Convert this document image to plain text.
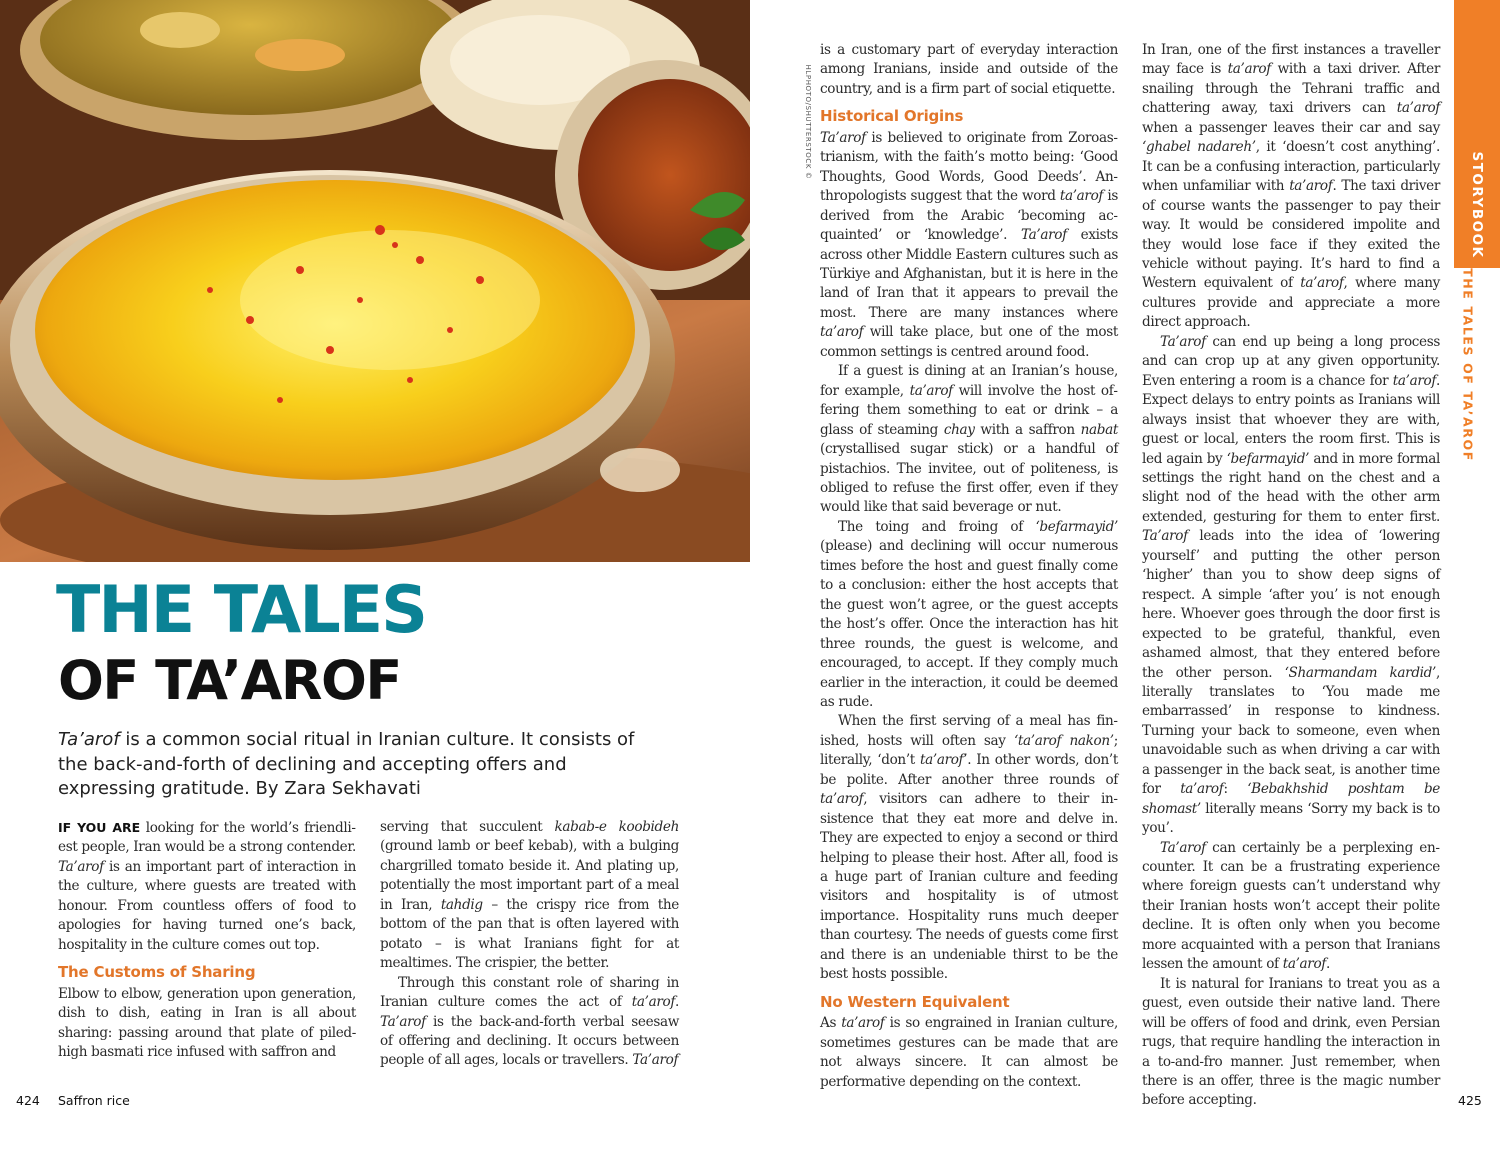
STORYBOOK
THE TALES OF TA’AROF
HLPHOTO/SHUTTERSTOCK ©
THE TALES
OF TA’AROF

Ta’arof is a common social ritual in Iranian culture. It consists of the back-and-forth of declining and accepting offers and expressing gratitude. By Zara Sekhavati

IF YOU ARE looking for the world’s friendliest people, Iran would be a strong contender. Ta’arof is an important part of interaction in the culture, where guests are treated with honour. From countless offers of food to apologies for having turned one’s back, hospitality in the culture comes out top.

The Customs of Sharing

Elbow to elbow, generation upon generation, dish to dish, eating in Iran is all about sharing: passing around that plate of piled-high basmati rice infused with saffron and

serving that succulent kabab-e koobideh (ground lamb or beef kebab), with a bulging chargrilled tomato beside it. And plating up, potentially the most important part of a meal in Iran, tahdig – the crispy rice from the bottom of the pan that is often layered with potato – is what Iranians fight for at mealtimes. The crispier, the better.

Through this constant role of sharing in Iranian culture comes the act of ta’arof. Ta’arof is the back-and-forth verbal seesaw of offering and declining. It occurs between people of all ages, locals or travellers. Ta’arof

is a customary part of everyday interaction among Iranians, inside and outside of the country, and is a firm part of social etiquette.

Historical Origins

Ta’arof is believed to originate from Zoroastrianism, with the faith’s motto being: ‘Good Thoughts, Good Words, Good Deeds’. Anthropologists suggest that the word ta’arof is derived from the Arabic ‘becoming acquainted’ or ‘knowledge’. Ta’arof exists across other Middle Eastern cultures such as Türkiye and Afghanistan, but it is here in the land of Iran that it appears to prevail the most. There are many instances where ta’arof will take place, but one of the most common settings is centred around food.

If a guest is dining at an Iranian’s house, for example, ta’arof will involve the host offering them something to eat or drink – a glass of steaming chay with a saffron nabat (crystallised sugar stick) or a handful of pistachios. The invitee, out of politeness, is obliged to refuse the first offer, even if they would like that said beverage or nut.

The toing and froing of ‘befarmayid’ (please) and declining will occur numerous times before the host and guest finally come to a conclusion: either the host accepts that the guest won’t agree, or the guest accepts the host’s offer. Once the interaction has hit three rounds, the guest is welcome, and encouraged, to accept. If they comply much earlier in the interaction, it could be deemed as rude.

When the first serving of a meal has finished, hosts will often say ‘ta’arof nakon’; literally, ‘don’t ta’arof’. In other words, don’t be polite. After another three rounds of ta’arof, visitors can adhere to their insistence that they eat more and delve in. They are expected to enjoy a second or third helping to please their host. After all, food is a huge part of Iranian culture and feeding visitors and hospitality is of utmost importance. Hospitality runs much deeper than courtesy. The needs of guests come first and there is an undeniable thirst to be the best hosts possible.

No Western Equivalent

As ta’arof is so engrained in Iranian culture, sometimes gestures can be made that are not always sincere. It can almost be performative depending on the context.

In Iran, one of the first instances a traveller may face is ta’arof with a taxi driver. After snailing through the Tehrani traffic and chattering away, taxi drivers can ta’arof when a passenger leaves their car and say ‘ghabel nadareh’, it ‘doesn’t cost anything’. It can be a confusing interaction, particularly when unfamiliar with ta’arof. The taxi driver of course wants the passenger to pay their way. It would be considered impolite and they would lose face if they exited the vehicle without paying. It’s hard to find a Western equivalent of ta’arof, where many cultures provide and appreciate a more direct approach.

Ta’arof can end up being a long process and can crop up at any given opportunity. Even entering a room is a chance for ta’arof. Expect delays to entry points as Iranians will always insist that whoever they are with, guest or local, enters the room first. This is led again by ‘befarmayid’ and in more formal settings the right hand on the chest and a slight nod of the head with the other arm extended, gesturing for them to enter first. Ta’arof leads into the idea of ‘lowering yourself’ and putting the other person ‘higher’ than you to show deep signs of respect. A simple ‘after you’ is not enough here. Whoever goes through the door first is expected to be grateful, thankful, even ashamed almost, that they entered before the other person. ‘Sharmandam kardid’, literally translates to ‘You made me embarrassed’ in response to kindness. Turning your back to someone, even when unavoidable such as when driving a car with a passenger in the back seat, is another time for ta’arof: ‘Bebakhshid poshtam be shomast’ literally means ‘Sorry my back is to you’.

Ta’arof can certainly be a perplexing encounter. It can be a frustrating experience where foreign guests can’t understand why their Iranian hosts won’t accept their polite decline. It is often only when you become more acquainted with a person that Iranians lessen the amount of ta’arof.

It is natural for Iranians to treat you as a guest, even outside their native land. There will be offers of food and drink, even Persian rugs, that require handling the interaction in a to-and-fro manner. Just remember, when there is an offer, three is the magic number before accepting.

424 Saffron rice	425
